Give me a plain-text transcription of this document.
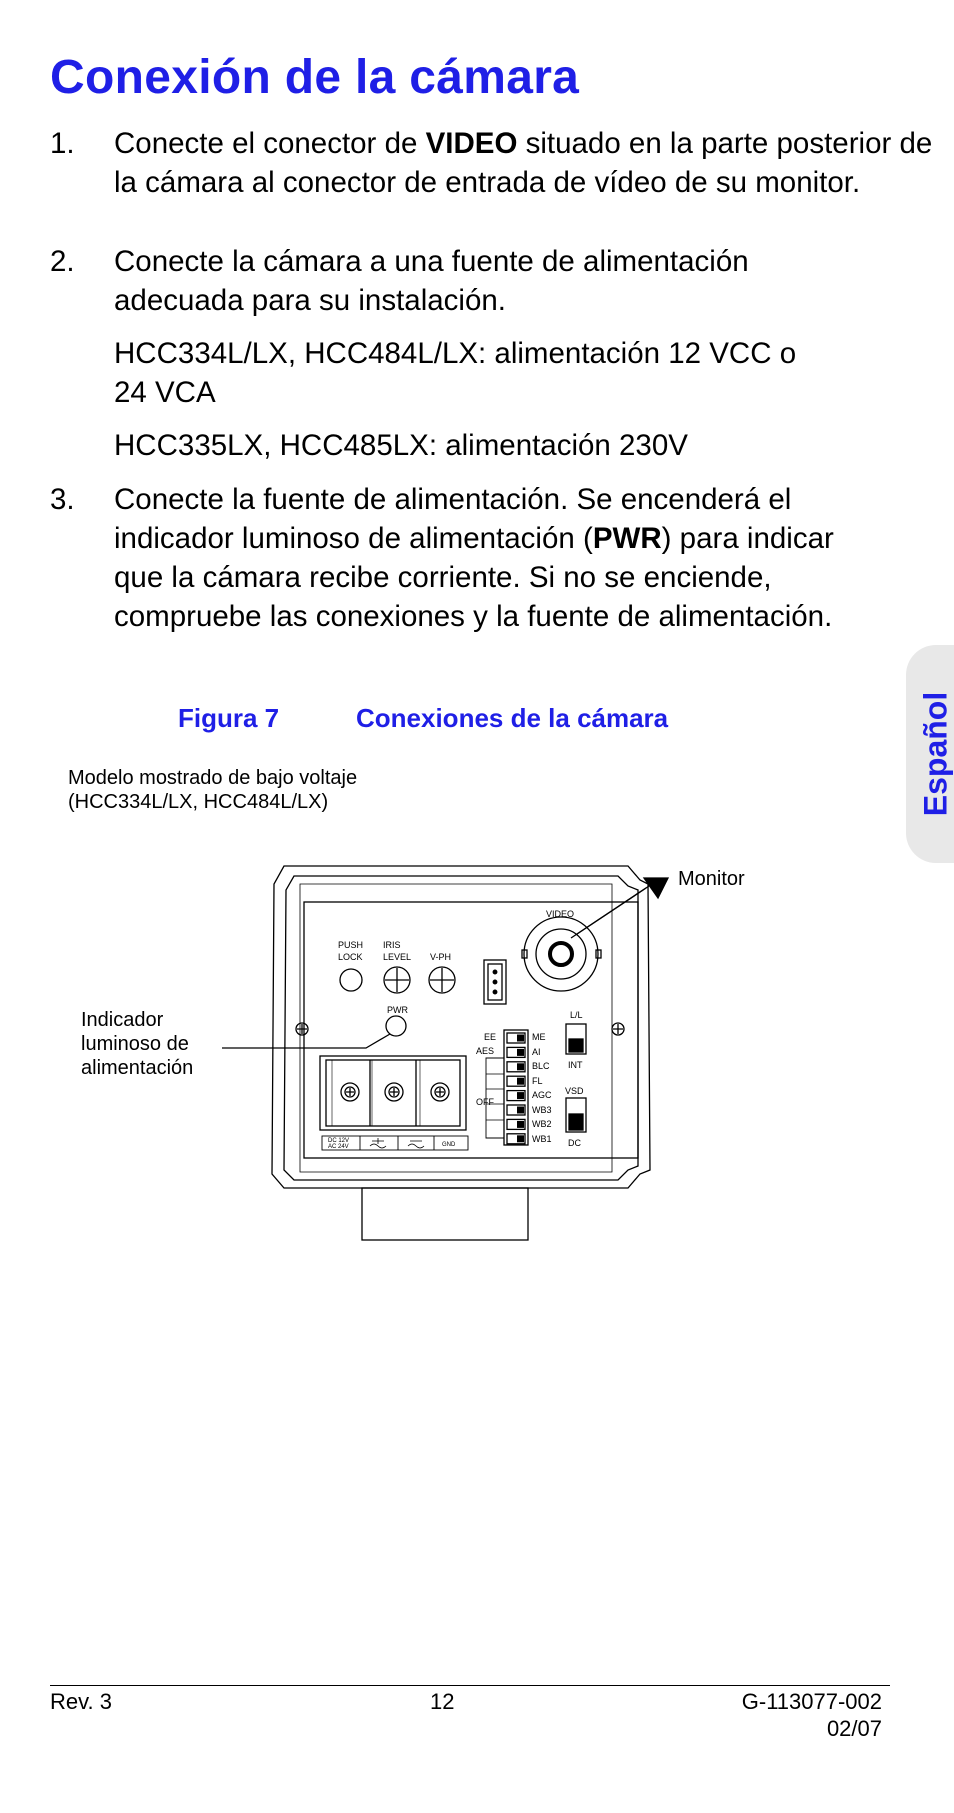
Conexión de la cámara
1. Conecte el conector de VIDEO situado en la parte posterior de la cámara al conector de entrada de vídeo de su monitor.
2. Conecte la cámara a una fuente de alimentación adecuada para su instalación.
HCC334L/LX, HCC484L/LX: alimentación 12 VCC o 24 VCA
HCC335LX, HCC485LX: alimentación 230V
3. Conecte la fuente de alimentación. Se encenderá el indicador luminoso de alimentación (PWR) para indicar que la cámara recibe corriente. Si no se enciende, compruebe las conexiones y la fuente de alimentación.
Figura 7	Conexiones de la cámara
Modelo mostrado de bajo voltaje
(HCC334L/LX, HCC484L/LX)
Monitor
Indicador
luminoso de
alimentación
PUSH
LOCK
IRIS
LEVEL V-PH
VIDEO
PWR	L/L
INT
VSD
DC
EE
AES
OFF
ME
AI
BLC
FL
AGC
WB3
WB2
WB1
DC 12V
AC 24V	GND
Español
Rev. 3	12	G-113077-002
02/07
